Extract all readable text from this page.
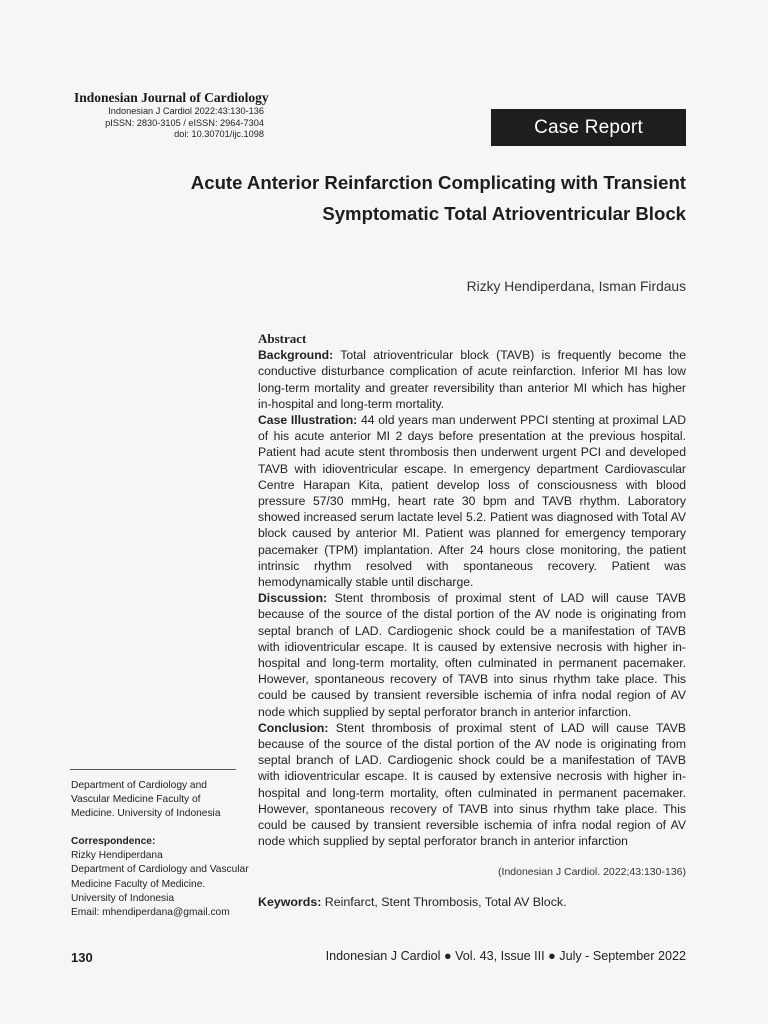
Indonesian Journal of Cardiology
Indonesian J Cardiol 2022:43:130-136
pISSN: 2830-3105 / eISSN: 2964-7304
doi: 10.30701/ijc.1098	Case Report
Acute Anterior Reinfarction Complicating with Transient
Symptomatic Total Atrioventricular Block
Rizky Hendiperdana, Isman Firdaus
Abstract

Background: Total atrioventricular block (TAVB) is frequently become the conductive disturbance complication of acute reinfarction. Inferior MI has low long-term mortality and greater reversibility than anterior MI which has higher in-hospital and long-term mortality.

Case Illustration: 44 old years man underwent PPCI stenting at proximal LAD of his acute anterior MI 2 days before presentation at the previous hospital. Patient had acute stent thrombosis then underwent urgent PCI and developed TAVB with idioventricular escape. In emergency department Cardiovascular Centre Harapan Kita, patient develop loss of consciousness with blood pressure 57/30 mmHg, heart rate 30 bpm and TAVB rhythm. Laboratory showed increased serum lactate level 5.2. Patient was diagnosed with Total AV block caused by anterior MI. Patient was planned for emergency temporary pacemaker (TPM) implantation. After 24 hours close monitoring, the patient intrinsic rhythm resolved with spontaneous recovery. Patient was hemodynamically stable until discharge.

Discussion: Stent thrombosis of proximal stent of LAD will cause TAVB because of the source of the distal portion of the AV node is originating from septal branch of LAD. Cardiogenic shock could be a manifestation of TAVB with idioventricular escape. It is caused by extensive necrosis with higher in-hospital and long-term mortality, often culminated in permanent pacemaker. However, spontaneous recovery of TAVB into sinus rhythm take place. This could be caused by transient reversible ischemia of infra nodal region of AV node which supplied by septal perforator branch in anterior infarction.

Conclusion: Stent thrombosis of proximal stent of LAD will cause TAVB because of the source of the distal portion of the AV node is originating from septal branch of LAD. Cardiogenic shock could be a manifestation of TAVB with idioventricular escape. It is caused by extensive necrosis with higher in-hospital and long-term mortality, often culminated in permanent pacemaker. However, spontaneous recovery of TAVB into sinus rhythm take place. This could be caused by transient reversible ischemia of infra nodal region of AV node which supplied by septal perforator branch in anterior infarction

(Indonesian J Cardiol. 2022;43:130-136)
Keywords: Reinfarct, Stent Thrombosis, Total AV Block.

Department of Cardiology and Vascular Medicine Faculty of Medicine. University of Indonesia

Correspondence:

Rizky Hendiperdana

Department of Cardiology and Vascular Medicine Faculty of Medicine. University of Indonesia

Email: mhendiperdana@gmail.com

130	Indonesian J Cardiol ● Vol. 43, Issue III ● July - September 2022
